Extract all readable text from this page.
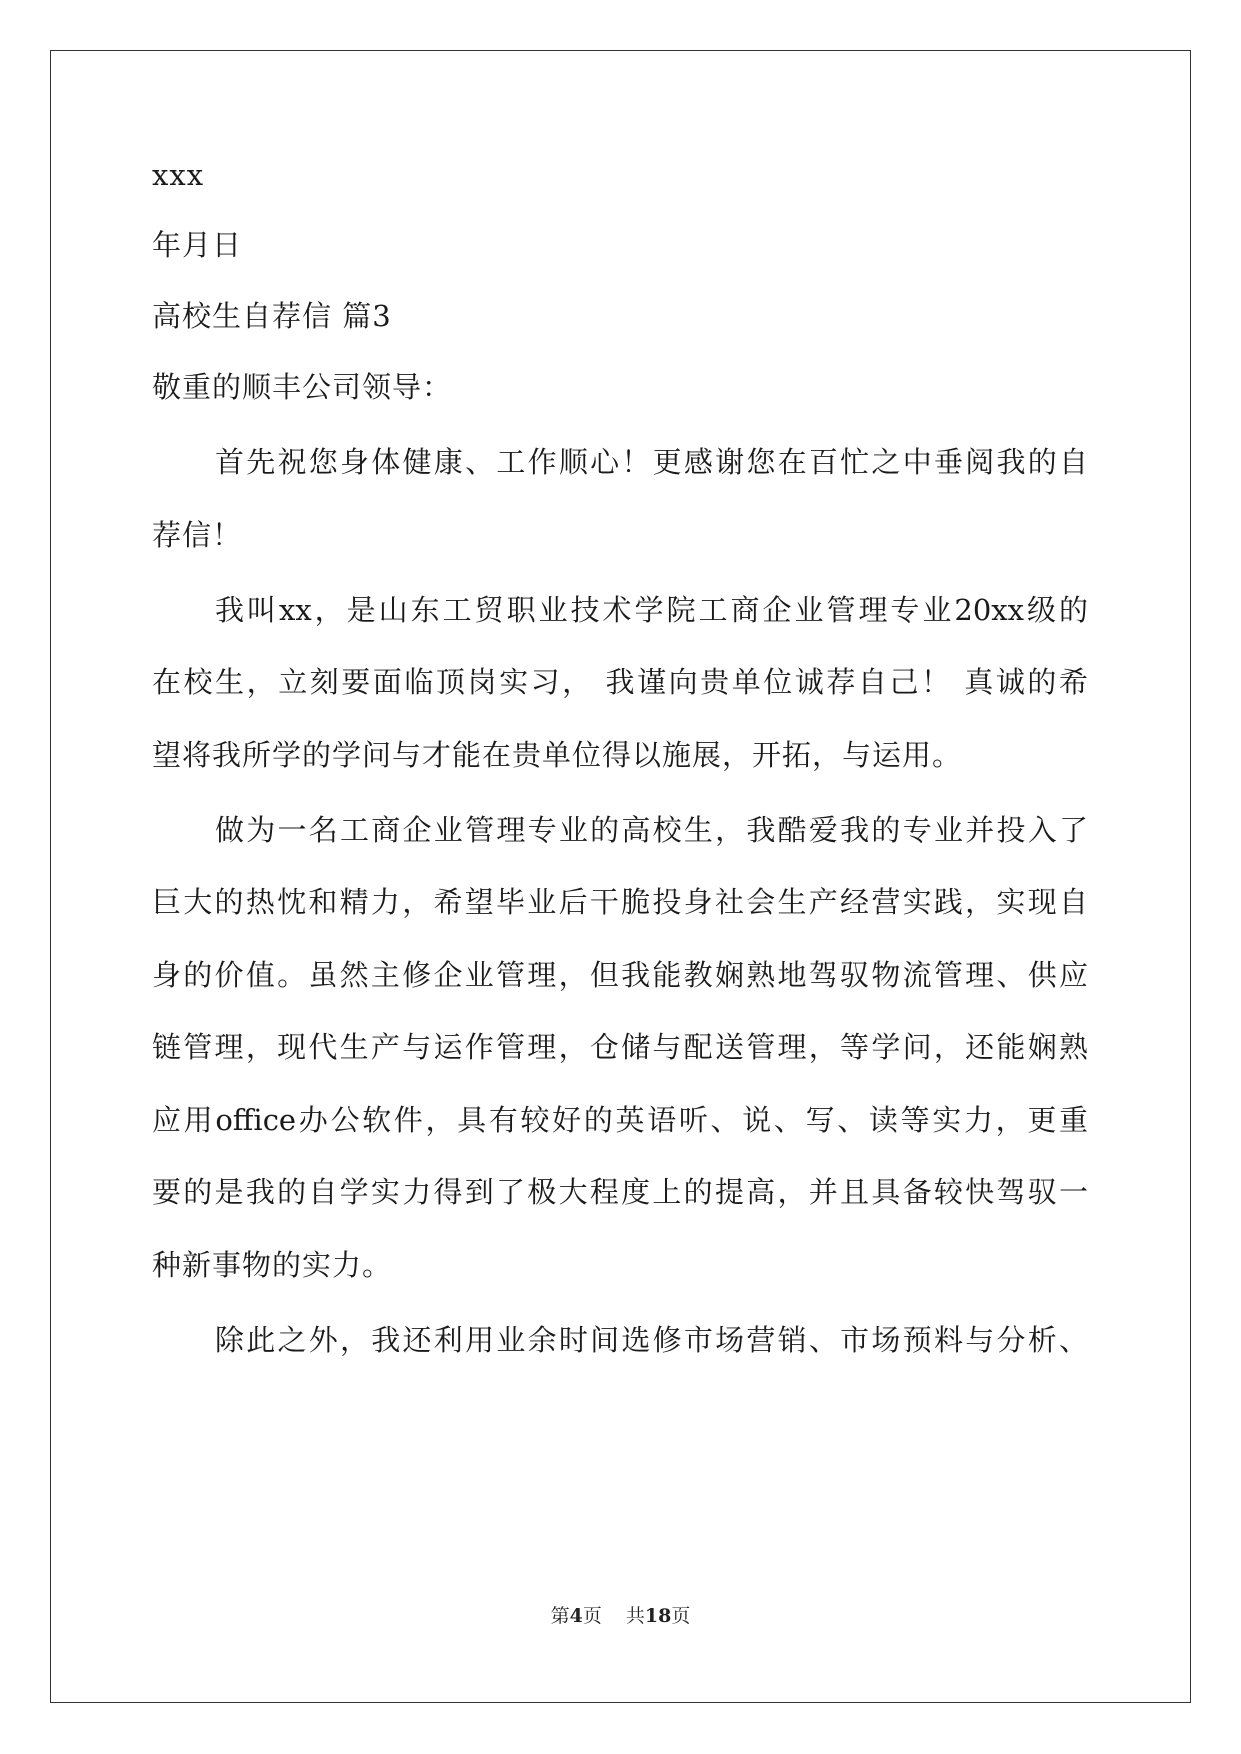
xxx
年月日
高校生自荐信 篇3
敬重的顺丰公司领导：
首先祝您身体健康、工作顺心！更感谢您在百忙之中垂阅我的自
荐信！
我叫xx，是山东工贸职业技术学院工商企业管理专业20xx级的
在校生，立刻要面临顶岗实习， 我谨向贵单位诚荐自己！ 真诚的希
望将我所学的学问与才能在贵单位得以施展，开拓，与运用。
做为一名工商企业管理专业的高校生，我酷爱我的专业并投入了
巨大的热忱和精力，希望毕业后干脆投身社会生产经营实践，实现自
身的价值。虽然主修企业管理，但我能教娴熟地驾驭物流管理、供应
链管理，现代生产与运作管理，仓储与配送管理，等学问，还能娴熟
应用office办公软件，具有较好的英语听、说、写、读等实力，更重
要的是我的自学实力得到了极大程度上的提高，并且具备较快驾驭一
种新事物的实力。
除此之外，我还利用业余时间选修市场营销、市场预料与分析、
第4页 共18页
